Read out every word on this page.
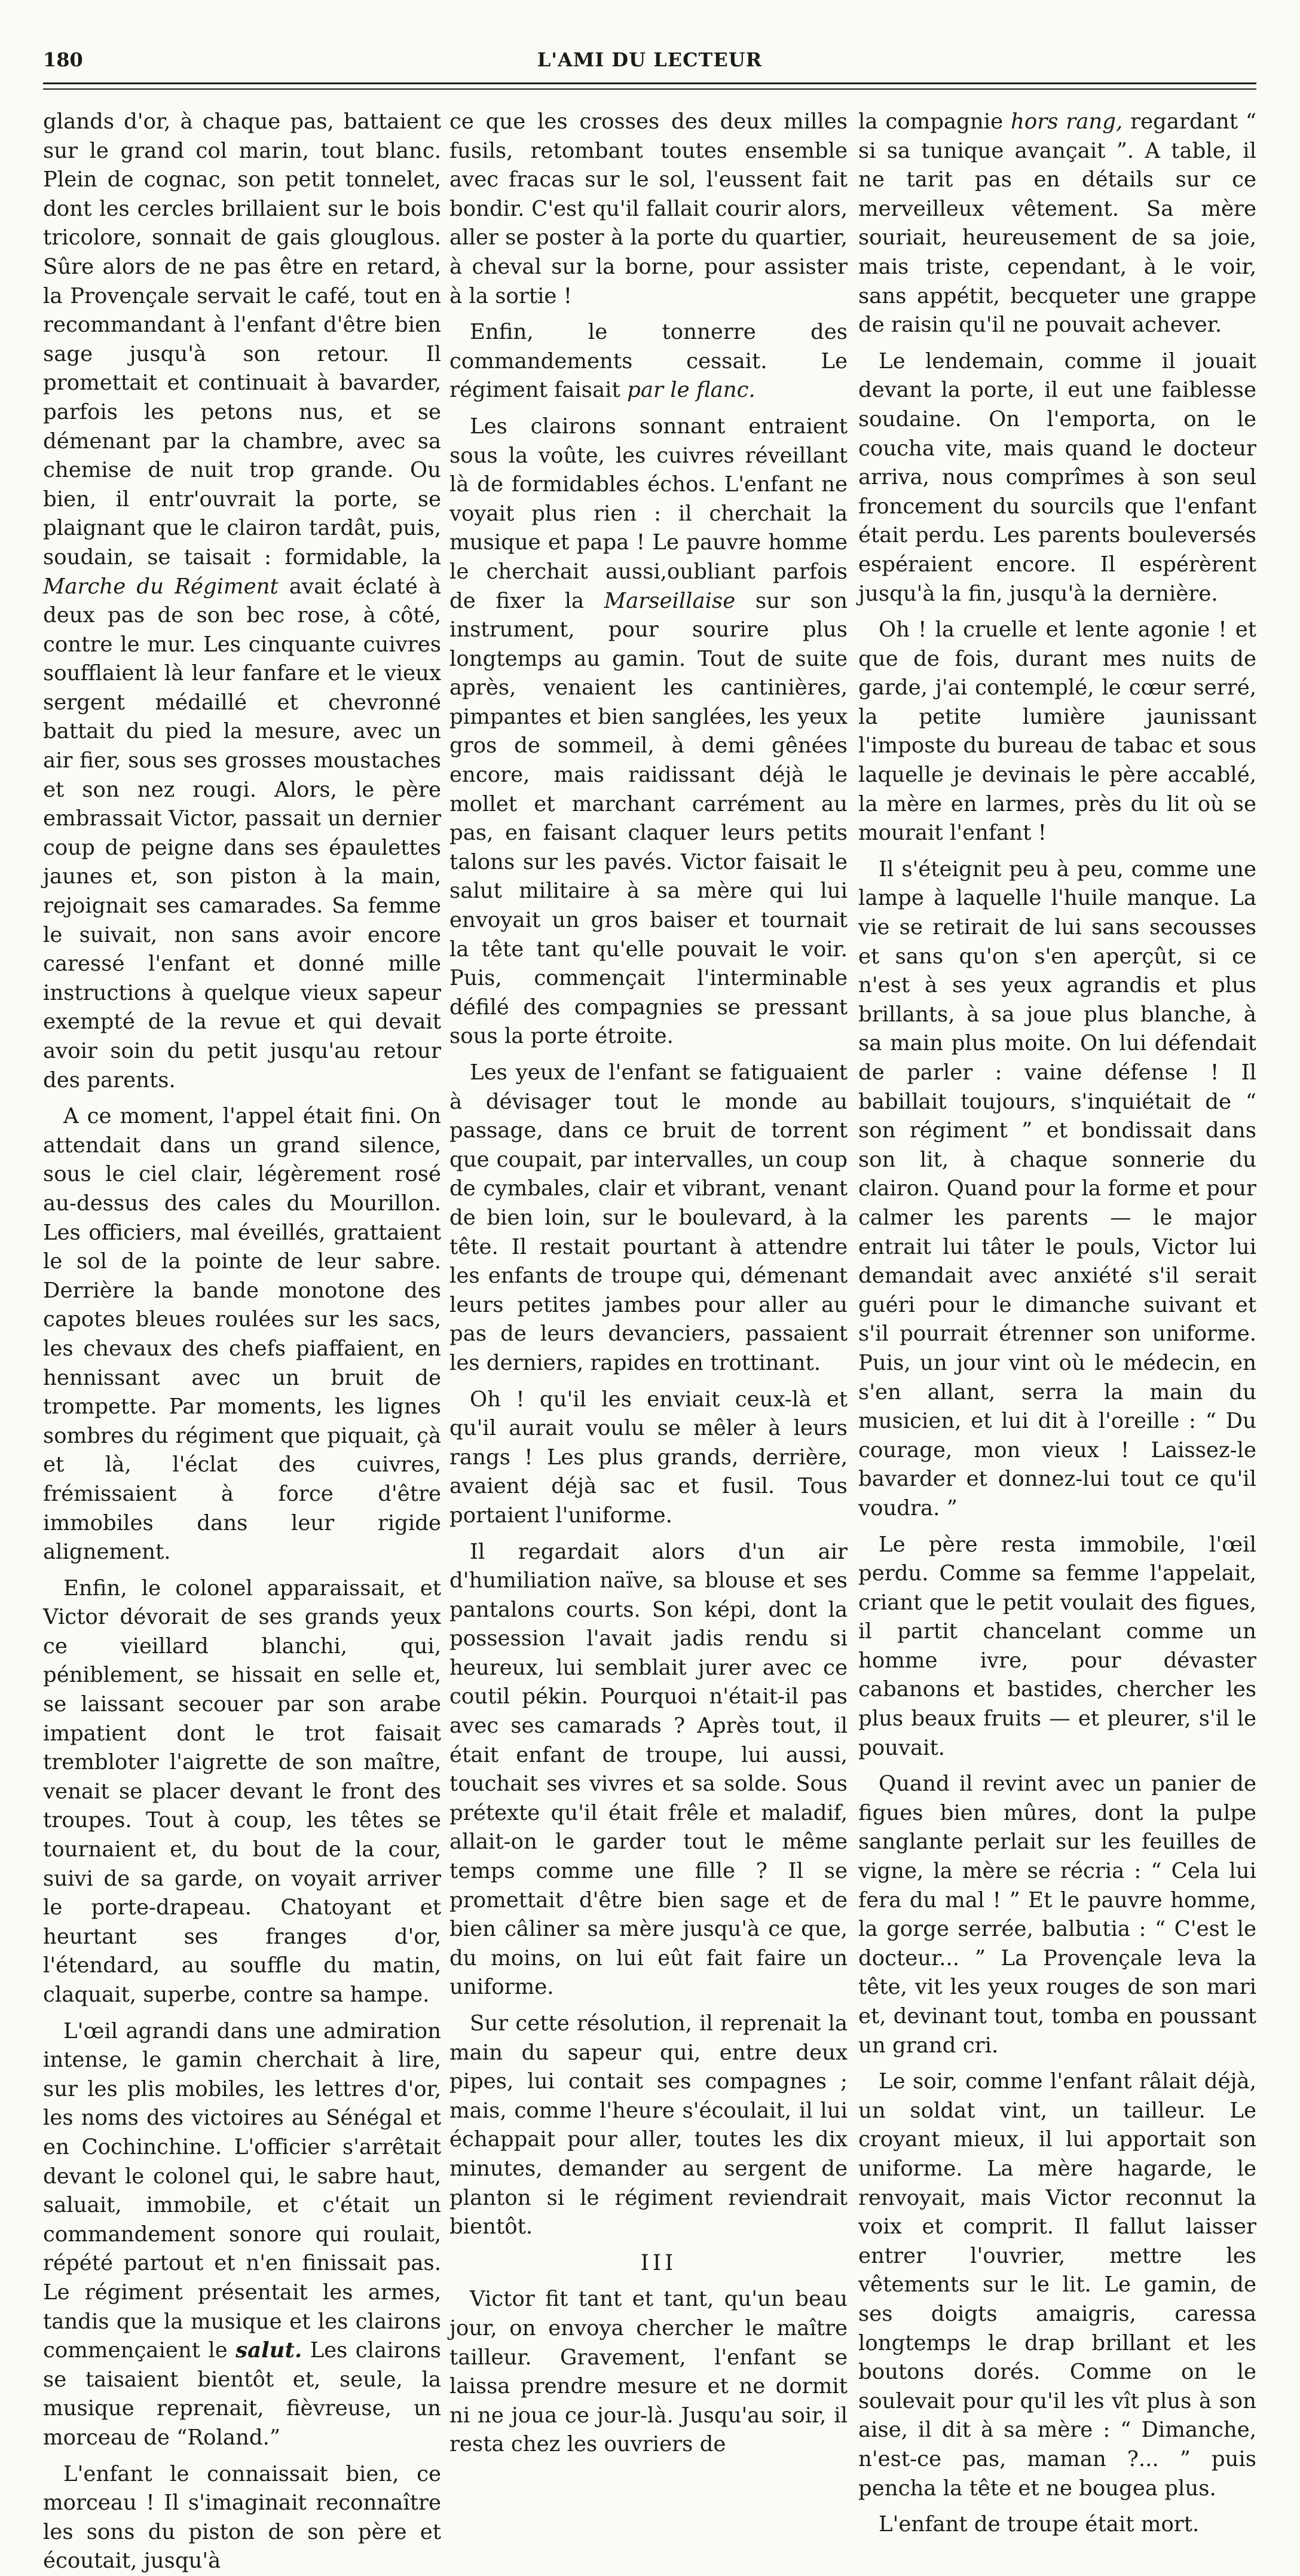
180	L'AMI DU LECTEUR

glands d'or, à chaque pas, battaient sur le grand col marin, tout blanc. Plein de cognac, son petit tonnelet, dont les cercles brillaient sur le bois tricolore, sonnait de gais glouglous. Sûre alors de ne pas être en retard, la Provençale servait le café, tout en recommandant à l'enfant d'être bien sage jusqu'à son retour. Il promettait et continuait à bavarder, parfois les petons nus, et se démenant par la chambre, avec sa chemise de nuit trop grande. Ou bien, il entr'ouvrait la porte, se plaignant que le clairon tardât, puis, soudain, se taisait : formidable, la Marche du Régiment avait éclaté à deux pas de son bec rose, à côté, contre le mur. Les cinquante cuivres soufflaient là leur fanfare et le vieux sergent médaillé et chevronné battait du pied la mesure, avec un air fier, sous ses grosses moustaches et son nez rougi. Alors, le père embrassait Victor, passait un dernier coup de peigne dans ses épaulettes jaunes et, son piston à la main, rejoignait ses camarades. Sa femme le suivait, non sans avoir encore caressé l'enfant et donné mille instructions à quelque vieux sapeur exempté de la revue et qui devait avoir soin du petit jusqu'au retour des parents.

A ce moment, l'appel était fini. On attendait dans un grand silence, sous le ciel clair, légèrement rosé au-dessus des cales du Mourillon. Les officiers, mal éveillés, grattaient le sol de la pointe de leur sabre. Derrière la bande monotone des capotes bleues roulées sur les sacs, les chevaux des chefs piaffaient, en hennissant avec un bruit de trompette. Par moments, les lignes sombres du régiment que piquait, çà et là, l'éclat des cuivres, frémissaient à force d'être immobiles dans leur rigide alignement.

Enfin, le colonel apparaissait, et Victor dévorait de ses grands yeux ce vieillard blanchi, qui, péniblement, se hissait en selle et, se laissant secouer par son arabe impatient dont le trot faisait trembloter l'aigrette de son maître, venait se placer devant le front des troupes. Tout à coup, les têtes se tournaient et, du bout de la cour, suivi de sa garde, on voyait arriver le porte-drapeau. Chatoyant et heurtant ses franges d'or, l'étendard, au souffle du matin, claquait, superbe, contre sa hampe.

L'œil agrandi dans une admiration intense, le gamin cherchait à lire, sur les plis mobiles, les lettres d'or, les noms des victoires au Sénégal et en Cochinchine. L'officier s'arrêtait devant le colonel qui, le sabre haut, saluait, immobile, et c'était un commandement sonore qui roulait, répété partout et n'en finissait pas. Le régiment présentait les armes, tandis que la musique et les clairons commençaient le salut. Les clairons se taisaient bientôt et, seule, la musique reprenait, fièvreuse, un morceau de “Roland.”

L'enfant le connaissait bien, ce morceau ! Il s'imaginait reconnaître les sons du piston de son père et écoutait, jusqu'à

ce que les crosses des deux milles fusils, retombant toutes ensemble avec fracas sur le sol, l'eussent fait bondir. C'est qu'il fallait courir alors, aller se poster à la porte du quartier, à cheval sur la borne, pour assister à la sortie !

Enfin, le tonnerre des commandements cessait. Le régiment faisait par le flanc.

Les clairons sonnant entraient sous la voûte, les cuivres réveillant là de formidables échos. L'enfant ne voyait plus rien : il cherchait la musique et papa ! Le pauvre homme le cherchait aussi,oubliant parfois de fixer la Marseillaise sur son instrument, pour sourire plus longtemps au gamin. Tout de suite après, venaient les cantinières, pimpantes et bien sanglées, les yeux gros de sommeil, à demi gênées encore, mais raidissant déjà le mollet et marchant carrément au pas, en faisant claquer leurs petits talons sur les pavés. Victor faisait le salut militaire à sa mère qui lui envoyait un gros baiser et tournait la tête tant qu'elle pouvait le voir. Puis, commençait l'interminable défilé des compagnies se pressant sous la porte étroite.

Les yeux de l'enfant se fatiguaient à dévisager tout le monde au passage, dans ce bruit de torrent que coupait, par intervalles, un coup de cymbales, clair et vibrant, venant de bien loin, sur le boulevard, à la tête. Il restait pourtant à attendre les enfants de troupe qui, démenant leurs petites jambes pour aller au pas de leurs devanciers, passaient les derniers, rapides en trottinant.

Oh ! qu'il les enviait ceux-là et qu'il aurait voulu se mêler à leurs rangs ! Les plus grands, derrière, avaient déjà sac et fusil. Tous portaient l'uniforme.

Il regardait alors d'un air d'humiliation naïve, sa blouse et ses pantalons courts. Son képi, dont la possession l'avait jadis rendu si heureux, lui semblait jurer avec ce coutil pékin. Pourquoi n'était-il pas avec ses camarads ? Après tout, il était enfant de troupe, lui aussi, touchait ses vivres et sa solde. Sous prétexte qu'il était frêle et maladif, allait-on le garder tout le même temps comme une fille ? Il se promettait d'être bien sage et de bien câliner sa mère jusqu'à ce que, du moins, on lui eût fait faire un uniforme.

Sur cette résolution, il reprenait la main du sapeur qui, entre deux pipes, lui contait ses compagnes ; mais, comme l'heure s'écoulait, il lui échappait pour aller, toutes les dix minutes, demander au sergent de planton si le régiment reviendrait bientôt.

III

Victor fit tant et tant, qu'un beau jour, on envoya chercher le maître tailleur. Gravement, l'enfant se laissa prendre mesure et ne dormit ni ne joua ce jour-là. Jusqu'au soir, il resta chez les ouvriers de

la compagnie hors rang, regardant “ si sa tunique avançait ”. A table, il ne tarit pas en détails sur ce merveilleux vêtement. Sa mère souriait, heureusement de sa joie, mais triste, cependant, à le voir, sans appétit, becqueter une grappe de raisin qu'il ne pouvait achever.

Le lendemain, comme il jouait devant la porte, il eut une faiblesse soudaine. On l'emporta, on le coucha vite, mais quand le docteur arriva, nous comprîmes à son seul froncement du sourcils que l'enfant était perdu. Les parents bouleversés espéraient encore. Il espérèrent jusqu'à la fin, jusqu'à la dernière.

Oh ! la cruelle et lente agonie ! et que de fois, durant mes nuits de garde, j'ai contemplé, le cœur serré, la petite lumière jaunissant l'imposte du bureau de tabac et sous laquelle je devinais le père accablé, la mère en larmes, près du lit où se mourait l'enfant !

Il s'éteignit peu à peu, comme une lampe à laquelle l'huile manque. La vie se retirait de lui sans secousses et sans qu'on s'en aperçût, si ce n'est à ses yeux agrandis et plus brillants, à sa joue plus blanche, à sa main plus moite. On lui défendait de parler : vaine défense ! Il babillait toujours, s'inquiétait de “ son régiment ” et bondissait dans son lit, à chaque sonnerie du clairon. Quand pour la forme et pour calmer les parents — le major entrait lui tâter le pouls, Victor lui demandait avec anxiété s'il serait guéri pour le dimanche suivant et s'il pourrait étrenner son uniforme. Puis, un jour vint où le médecin, en s'en allant, serra la main du musicien, et lui dit à l'oreille : “ Du courage, mon vieux ! Laissez-le bavarder et donnez-lui tout ce qu'il voudra. ”

Le père resta immobile, l'œil perdu. Comme sa femme l'appelait, criant que le petit voulait des figues, il partit chancelant comme un homme ivre, pour dévaster cabanons et bastides, chercher les plus beaux fruits — et pleurer, s'il le pouvait.

Quand il revint avec un panier de figues bien mûres, dont la pulpe sanglante perlait sur les feuilles de vigne, la mère se récria : “ Cela lui fera du mal ! ” Et le pauvre homme, la gorge serrée, balbutia : “ C'est le docteur... ” La Provençale leva la tête, vit les yeux rouges de son mari et, devinant tout, tomba en poussant un grand cri.

Le soir, comme l'enfant râlait déjà, un soldat vint, un tailleur. Le croyant mieux, il lui apportait son uniforme. La mère hagarde, le renvoyait, mais Victor reconnut la voix et comprit. Il fallut laisser entrer l'ouvrier, mettre les vêtements sur le lit. Le gamin, de ses doigts amaigris, caressa longtemps le drap brillant et les boutons dorés. Comme on le soulevait pour qu'il les vît plus à son aise, il dit à sa mère : “ Dimanche, n'est-ce pas, maman ?... ” puis pencha la tête et ne bougea plus.

L'enfant de troupe était mort.
